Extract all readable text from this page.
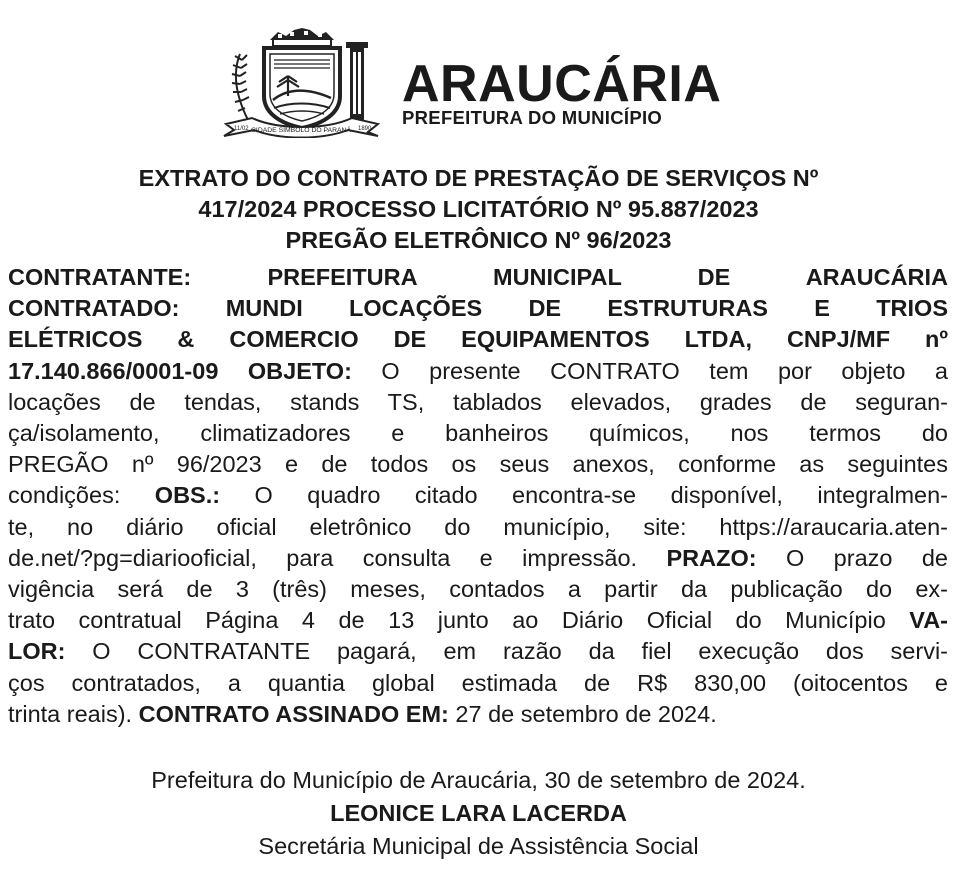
CIDADE SÍMBOLO DO PARANÁ
11/02	1890
ARAUCÁRIA
PREFEITURA DO MUNICÍPIO
EXTRATO DO CONTRATO DE PRESTAÇÃO DE SERVIÇOS Nº
417/2024 PROCESSO LICITATÓRIO Nº 95.887/2023
PREGÃO ELETRÔNICO Nº 96/2023
CONTRATANTE: PREFEITURA MUNICIPAL DE ARAUCÁRIA
CONTRATADO: MUNDI LOCAÇÕES DE ESTRUTURAS E TRIOS
ELÉTRICOS & COMERCIO DE EQUIPAMENTOS LTDA, CNPJ/MF nº
17.140.866/0001-09 OBJETO: O presente CONTRATO tem por objeto a
locações de tendas, stands TS, tablados elevados, grades de seguran-
ça/isolamento, climatizadores e banheiros químicos, nos termos do
PREGÃO nº 96/2023 e de todos os seus anexos, conforme as seguintes
condições: OBS.: O quadro citado encontra-se disponível, integralmen-
te, no diário oficial eletrônico do município, site: https://araucaria.aten-
de.net/?pg=diariooficial, para consulta e impressão. PRAZO: O prazo de
vigência será de 3 (três) meses, contados a partir da publicação do ex-
trato contratual Página 4 de 13 junto ao Diário Oficial do Município VA-
LOR: O CONTRATANTE pagará, em razão da fiel execução dos servi-
ços contratados, a quantia global estimada de R$ 830,00 (oitocentos e
trinta reais). CONTRATO ASSINADO EM: 27 de setembro de 2024.
Prefeitura do Município de Araucária, 30 de setembro de 2024.
LEONICE LARA LACERDA
Secretária Municipal de Assistência Social
